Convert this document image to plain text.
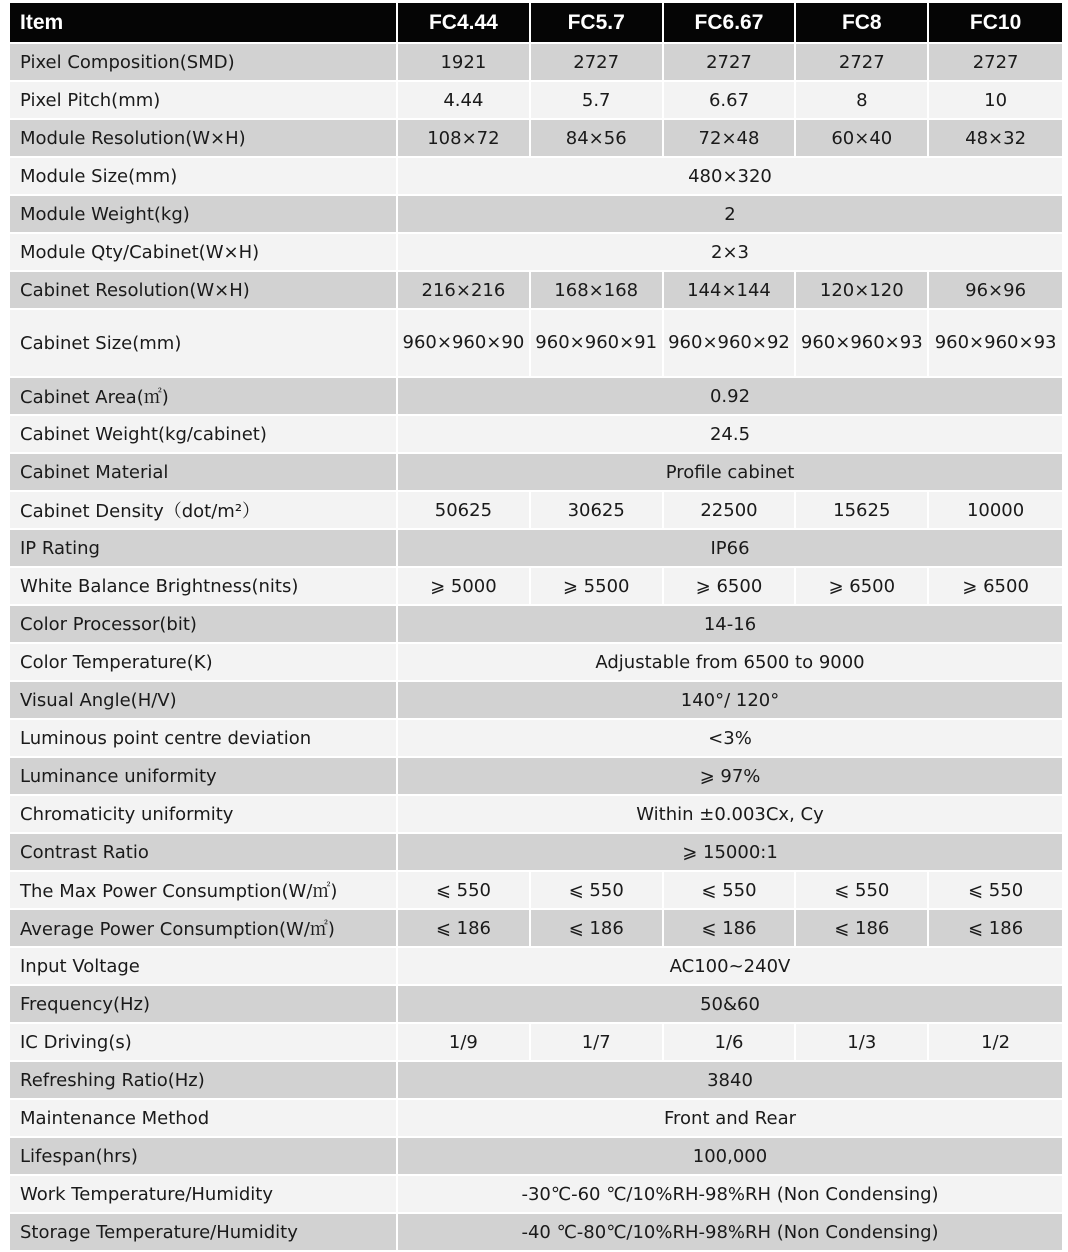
Item	FC4.44	FC5.7	FC6.67	FC8	FC10
Pixel Composition(SMD)	1921	2727	2727	2727	2727
Pixel Pitch(mm)	4.44	5.7	6.67	8	10
Module Resolution(W×H)	108×72	84×56	72×48	60×40	48×32
Module Size(mm)	480×320				
Module Weight(kg)	2				
Module Qty/Cabinet(W×H)	2×3				
Cabinet Resolution(W×H)	216×216	168×168	144×144	120×120	96×96
Cabinet Size(mm)	960×960×90	960×960×91	960×960×92	960×960×93	960×960×93
Cabinet Area(㎡)	0.92				
Cabinet Weight(kg/cabinet)	24.5				
Cabinet Material	Profile cabinet				
Cabinet Density（dot/m²）	50625	30625	22500	15625	10000
IP Rating	IP66				
White Balance Brightness(nits)	⩾ 5000	⩾ 5500	⩾ 6500	⩾ 6500	⩾ 6500
Color Processor(bit)	14-16				
Color Temperature(K)	Adjustable from 6500 to 9000				
Visual Angle(H/V)	140°/ 120°				
Luminous point centre deviation	<3%				
Luminance uniformity	⩾ 97%				
Chromaticity uniformity	Within ±0.003Cx, Cy				
Contrast Ratio	⩾ 15000:1				
The Max Power Consumption(W/㎡)	⩽ 550	⩽ 550	⩽ 550	⩽ 550	⩽ 550
Average Power Consumption(W/㎡)	⩽ 186	⩽ 186	⩽ 186	⩽ 186	⩽ 186
Input Voltage	AC100~240V				
Frequency(Hz)	50&60				
IC Driving(s)	1/9	1/7	1/6	1/3	1/2
Refreshing Ratio(Hz)	3840				
Maintenance Method	Front and Rear				
Lifespan(hrs)	100,000				
Work Temperature/Humidity	-30℃-60 ℃/10%RH-98%RH (Non Condensing)				
Storage Temperature/Humidity	-40 ℃-80℃/10%RH-98%RH (Non Condensing)				
